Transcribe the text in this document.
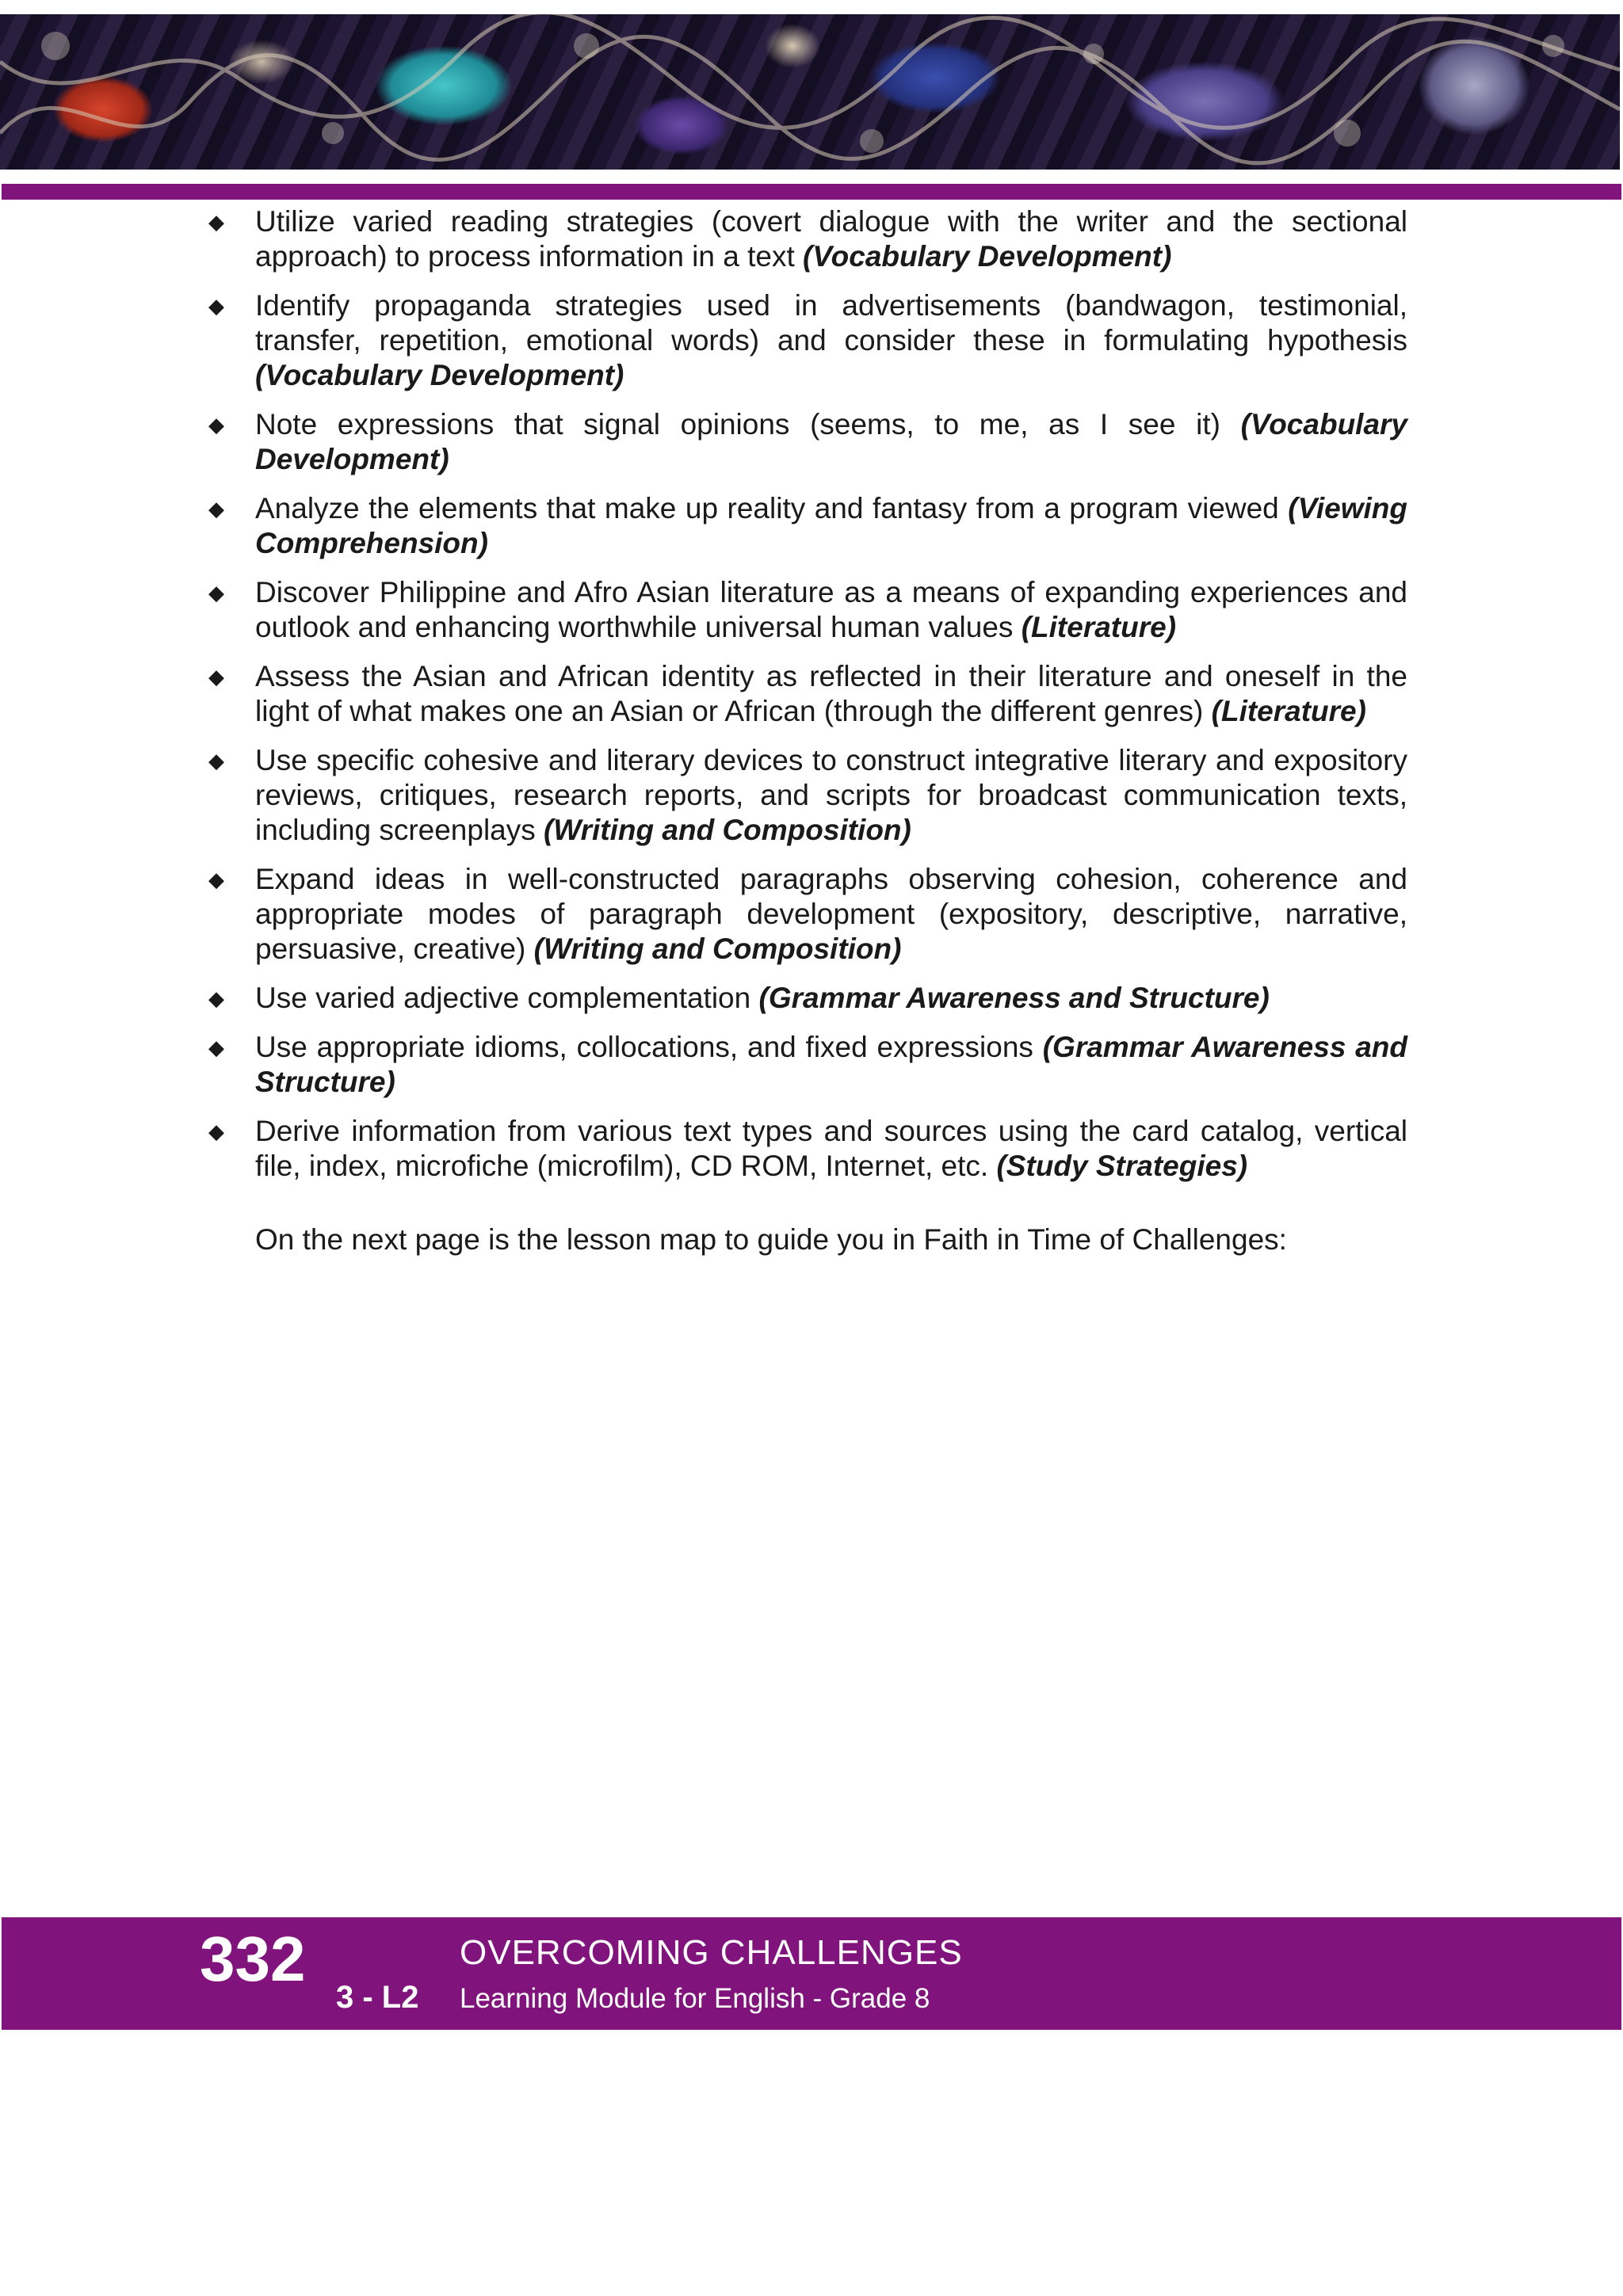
◆ Utilize varied reading strategies (covert dialogue with the writer and the sectional approach) to process information in a text (Vocabulary Development)
◆ Identify propaganda strategies used in advertisements (bandwagon, testimonial, transfer, repetition, emotional words) and consider these in formulating hypothesis (Vocabulary Development)
◆ Note expressions that signal opinions (seems, to me, as I see it) (Vocabulary Development)
◆ Analyze the elements that make up reality and fantasy from a program viewed (Viewing Comprehension)
◆ Discover Philippine and Afro Asian literature as a means of expanding experiences and outlook and enhancing worthwhile universal human values (Literature)
◆ Assess the Asian and African identity as reflected in their literature and oneself in the light of what makes one an Asian or African (through the different genres) (Literature)
◆ Use specific cohesive and literary devices to construct integrative literary and expository reviews, critiques, research reports, and scripts for broadcast communication texts, including screenplays (Writing and Composition)
◆ Expand ideas in well-constructed paragraphs observing cohesion, coherence and appropriate modes of paragraph development (expository, descriptive, narrative, persuasive, creative) (Writing and Composition)
◆ Use varied adjective complementation (Grammar Awareness and Structure)
◆ Use appropriate idioms, collocations, and fixed expressions (Grammar Awareness and Structure)
◆ Derive information from various text types and sources using the card catalog, vertical file, index, microfiche (microfilm), CD ROM, Internet, etc. (Study Strategies)
On the next page is the lesson map to guide you in Faith in Time of Challenges:
332
3 - L2
OVERCOMING CHALLENGES
Learning Module for English - Grade 8
